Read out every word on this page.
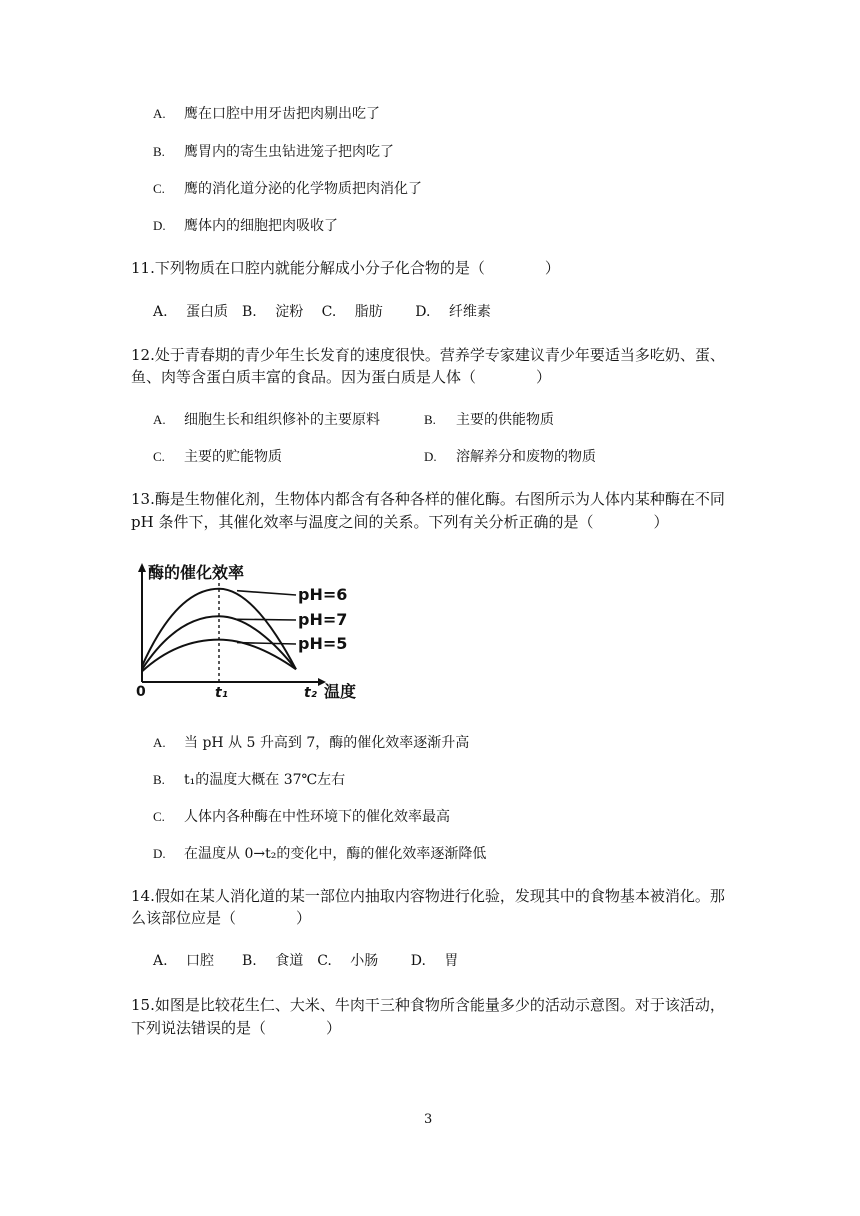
A. 鹰在口腔中用牙齿把肉剔出吃了
B. 鹰胃内的寄生虫钻进笼子把肉吃了
C. 鹰的消化道分泌的化学物质把肉消化了
D. 鹰体内的细胞把肉吸收了
11.下列物质在口腔内就能分解成小分子化合物的是（　　　　）
A.　 蛋白质　B.　 淀粉　 C.　 脂肪　　 D.　 纤维素
12.处于青春期的青少年生长发育的速度很快。营养学专家建议青少年要适当多吃奶、蛋、
鱼、肉等含蛋白质丰富的食品。因为蛋白质是人体（　　　　）
A. 细胞生长和组织修补的主要原料	B. 主要的供能物质
C. 主要的贮能物质	D. 溶解养分和废物的物质
13.酶是生物催化剂，生物体内都含有各种各样的催化酶。右图所示为人体内某种酶在不同
pH 条件下，其催化效率与温度之间的关系。下列有关分析正确的是（　　　　）
pH=6
pH=7
pH=5
酶的催化效率
0	t₁	t₂ 温度
A. 当 pH 从 5 升高到 7，酶的催化效率逐渐升高
B. t₁的温度大概在 37℃左右
C. 人体内各种酶在中性环境下的催化效率最高
D. 在温度从 0→t₂的变化中，酶的催化效率逐渐降低
14.假如在某人消化道的某一部位内抽取内容物进行化验，发现其中的食物基本被消化。那
么该部位应是（　　　　）
A.　 口腔　　B.　 食道　C.　 小肠　　 D.　 胃
15.如图是比较花生仁、大米、牛肉干三种食物所含能量多少的活动示意图。对于该活动，
下列说法错误的是（　　　　）
3
